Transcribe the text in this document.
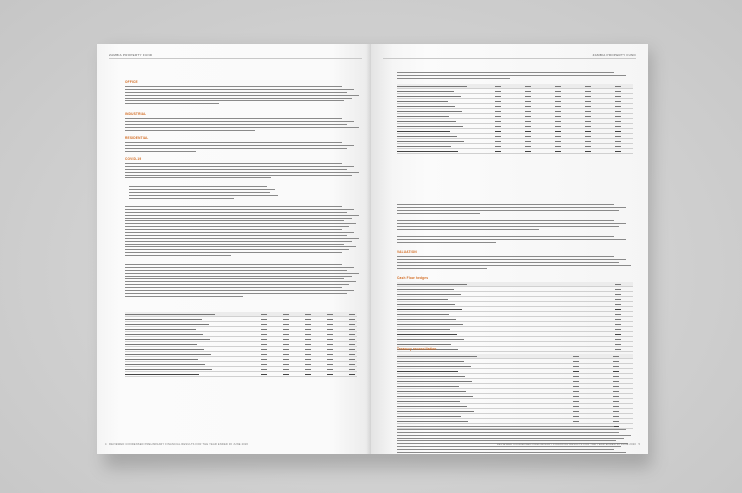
ZAMBIA PROPERTY FUND
OFFICE
INDUSTRIAL
RESIDENTIAL
COVID-19
REVIEWED CONDENSED PRELIMINARY FINANCIAL RESULTS FOR THE YEAR ENDED 30 JUNE 2020
4
ZAMBIA PROPERTY FUND
VALUATION
Cash Flow hedges
Treasury reconciliation
REVIEWED CONDENSED PRELIMINARY FINANCIAL RESULTS FOR THE YEAR ENDED 30 JUNE 2020 5
